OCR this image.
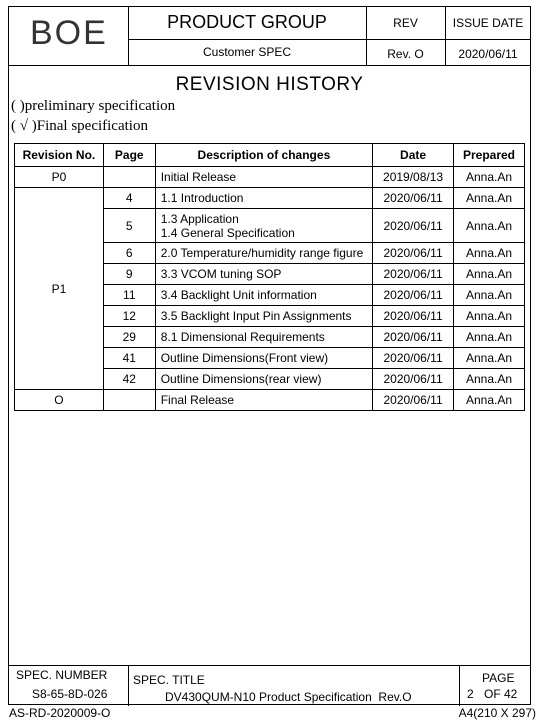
BOE	PRODUCT GROUP	REV	ISSUE DATE
Customer SPEC	Rev. O	2020/06/11
REVISION HISTORY
( )preliminary specification
( √ )Final specification
Revision No.	Page	Description of changes	Date	Prepared
P0		Initial Release	2019/08/13	Anna.An
P1	4	1.1 Introduction	2020/06/11	Anna.An
	5	1.3 Application
1.4 General Specification	2020/06/11	Anna.An
	6	2.0 Temperature/humidity range figure	2020/06/11	Anna.An
	9	3.3 VCOM tuning SOP	2020/06/11	Anna.An
	11	3.4 Backlight Unit information	2020/06/11	Anna.An
	12	3.5 Backlight Input Pin Assignments	2020/06/11	Anna.An
	29	8.1 Dimensional Requirements	2020/06/11	Anna.An
	41	Outline Dimensions(Front view)	2020/06/11	Anna.An
	42	Outline Dimensions(rear view)	2020/06/11	Anna.An
O		Final Release	2020/06/11	Anna.An
SPEC. NUMBER
S8-65-8D-026
SPEC. TITLE
DV430QUM-N10 Product Specification  Rev.O
PAGE
2 OF 42
AS-RD-2020009-O	A4(210 X 297)
